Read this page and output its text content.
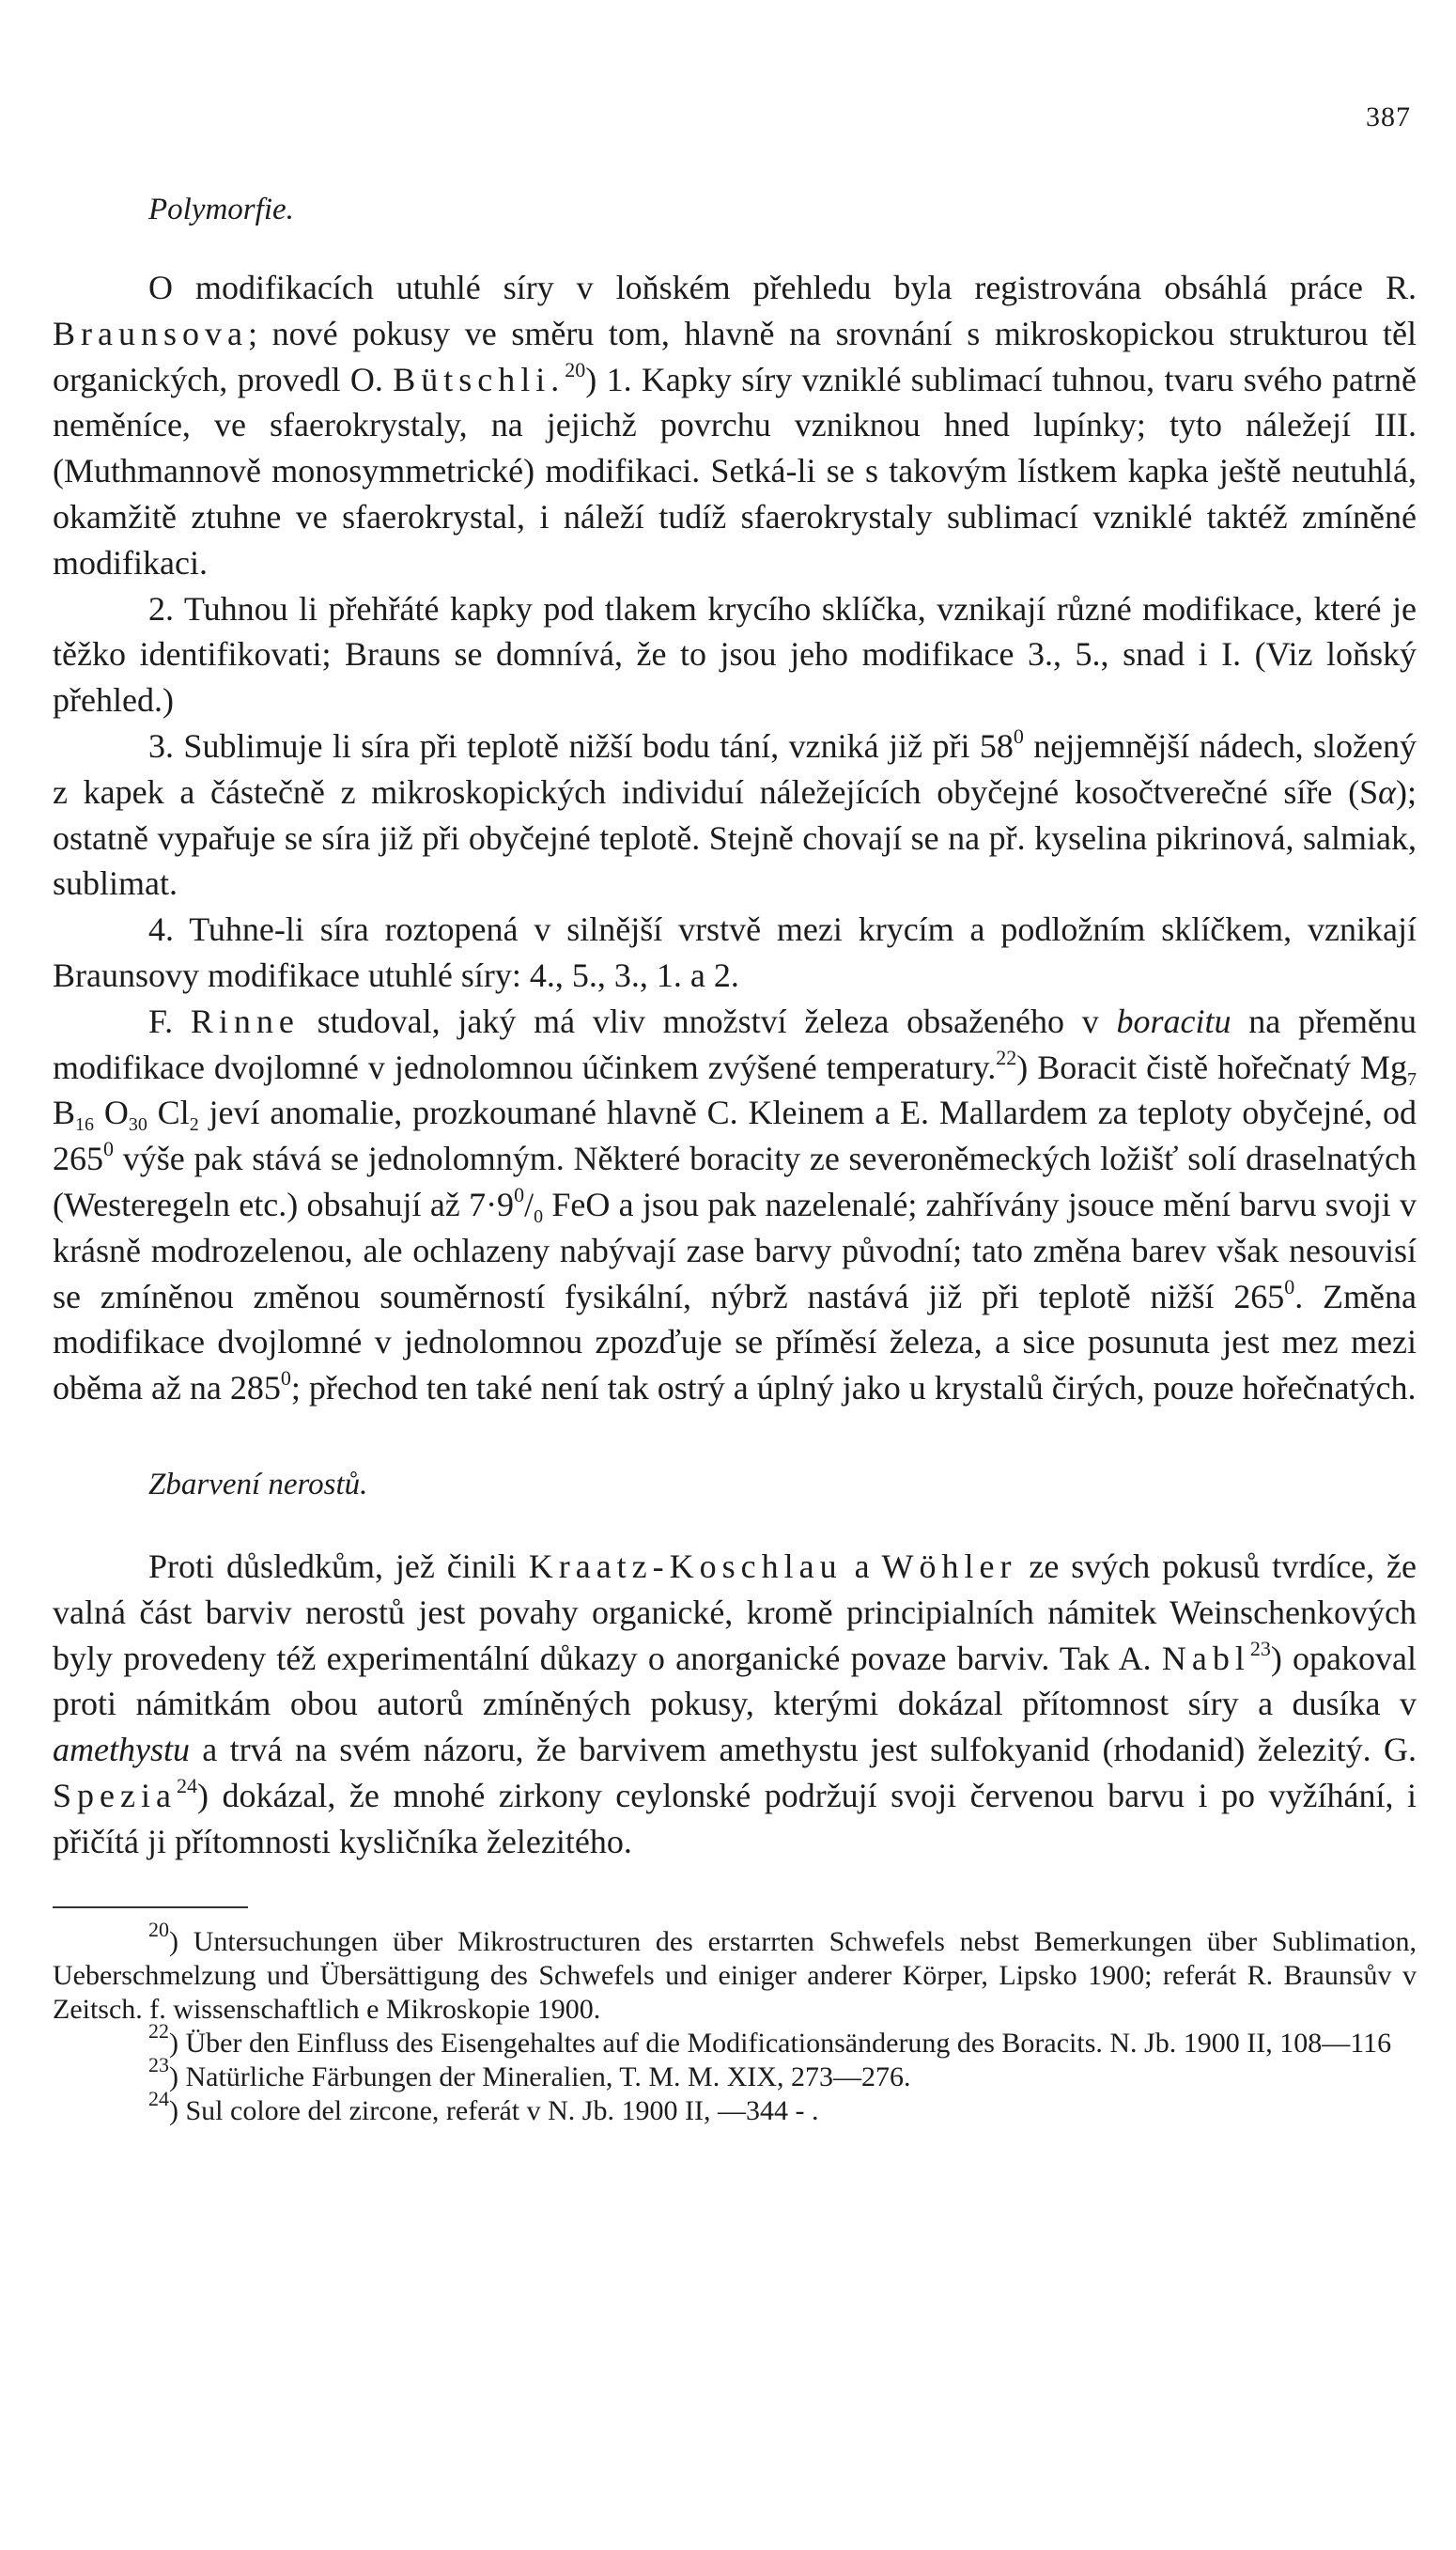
387
Polymorfie.

O modifikacích utuhlé síry v loňském přehledu byla registrována obsáhlá práce R. Braunsova; nové pokusy ve směru tom, hlavně na srovnání s mikroskopickou strukturou těl organických, provedl O. Bütschli.$^{20}$) 1. Kapky síry vzniklé sublimací tuhnou, tvaru svého patrně neměníce, ve sfaerokrystaly, na jejichž povrchu vzniknou hned lupínky; tyto náležejí III. (Muthmannově monosymmetrické) modifikaci. Setká-li se s takovým lístkem kapka ještě neutuhlá, okamžitě ztuhne ve sfaerokrystal, i náleží tudíž sfaerokrystaly sublimací vzniklé taktéž zmíněné modifikaci.

2. Tuhnou li přehřáté kapky pod tlakem krycího sklíčka, vznikají různé modifikace, které je těžko identifikovati; Brauns se domnívá, že to jsou jeho modifikace 3., 5., snad i I. (Viz loňský přehled.)

3. Sublimuje li síra při teplotě nižší bodu tání, vzniká již při $58^0$ nejjemnější nádech, složený z kapek a částečně z mikroskopických individuí náležejících obyčejné kosočtverečné síře (Sα); ostatně vypařuje se síra již při obyčejné teplotě. Stejně chovají se na př. kyselina pikrinová, salmiak, sublimat.

4. Tuhne-li síra roztopená v silnější vrstvě mezi krycím a podložním sklíčkem, vznikají Braunsovy modifikace utuhlé síry: 4., 5., 3., 1. a 2.

F. Rinne studoval, jaký má vliv množství železa obsaženého v boracitu na přeměnu modifikace dvojlomné v jednolomnou účinkem zvýšené temperatury.$^{22}$) Boracit čistě hořečnatý $Mg_7$ $B_{16}$ $O_{30}$ $Cl_2$ jeví anomalie, prozkoumané hlavně C. Kleinem a E. Mallardem za teploty obyčejné, od $265^0$ výše pak stává se jednolomným. Některé boracity ze severoněmeckých ložišť solí draselnatých (Westeregeln etc.) obsahují až $7\cdot 9^0/_0$ FeO a jsou pak nazelenalé; zahřívány jsouce mění barvu svoji v krásně modrozelenou, ale ochlazeny nabývají zase barvy původní; tato změna barev však nesouvisí se zmíněnou změnou souměrností fysikální, nýbrž nastává již při teplotě nižší $265^0$. Změna modifikace dvojlomné v jednolomnou zpozďuje se příměsí železa, a sice posunuta jest mez mezi oběma až na $285^0$; přechod ten také není tak ostrý a úplný jako u krystalů čirých, pouze hořečnatých.

Zbarvení nerostů.

Proti důsledkům, jež činili Kraatz-Koschlau a Wöhler ze svých pokusů tvrdíce, že valná část barviv nerostů jest povahy organické, kromě principialních námitek Weinschenkových byly provedeny též experimentální důkazy o anorganické povaze barviv. Tak A. Nabl$^{23}$) opakoval proti námitkám obou autorů zmíněných pokusy, kterými dokázal přítomnost síry a dusíka v amethystu a trvá na svém názoru, že barvivem amethystu jest sulfokyanid (rhodanid) železitý. G. Spezia$^{24}$) dokázal, že mnohé zirkony ceylonské podržují svoji červenou barvu i po vyžíhání, i přičítá ji přítomnosti kysličníka železitého.

$^{20}$) Untersuchungen über Mikrostructuren des erstarrten Schwefels nebst Bemerkungen über Sublimation, Ueberschmelzung und Übersättigung des Schwefels und einiger anderer Körper, Lipsko 1900; referát R. Braunsův v Zeitsch. f. wissenschaftlich e Mikroskopie 1900.

$^{22}$) Über den Einfluss des Eisengehaltes auf die Modificationsänderung des Boracits. N. Jb. 1900 II, 108—116

$^{23}$) Natürliche Färbungen der Mineralien, T. M. M. XIX, 273—276.

$^{24}$) Sul colore del zircone, referát v N. Jb. 1900 II, —344 - .
